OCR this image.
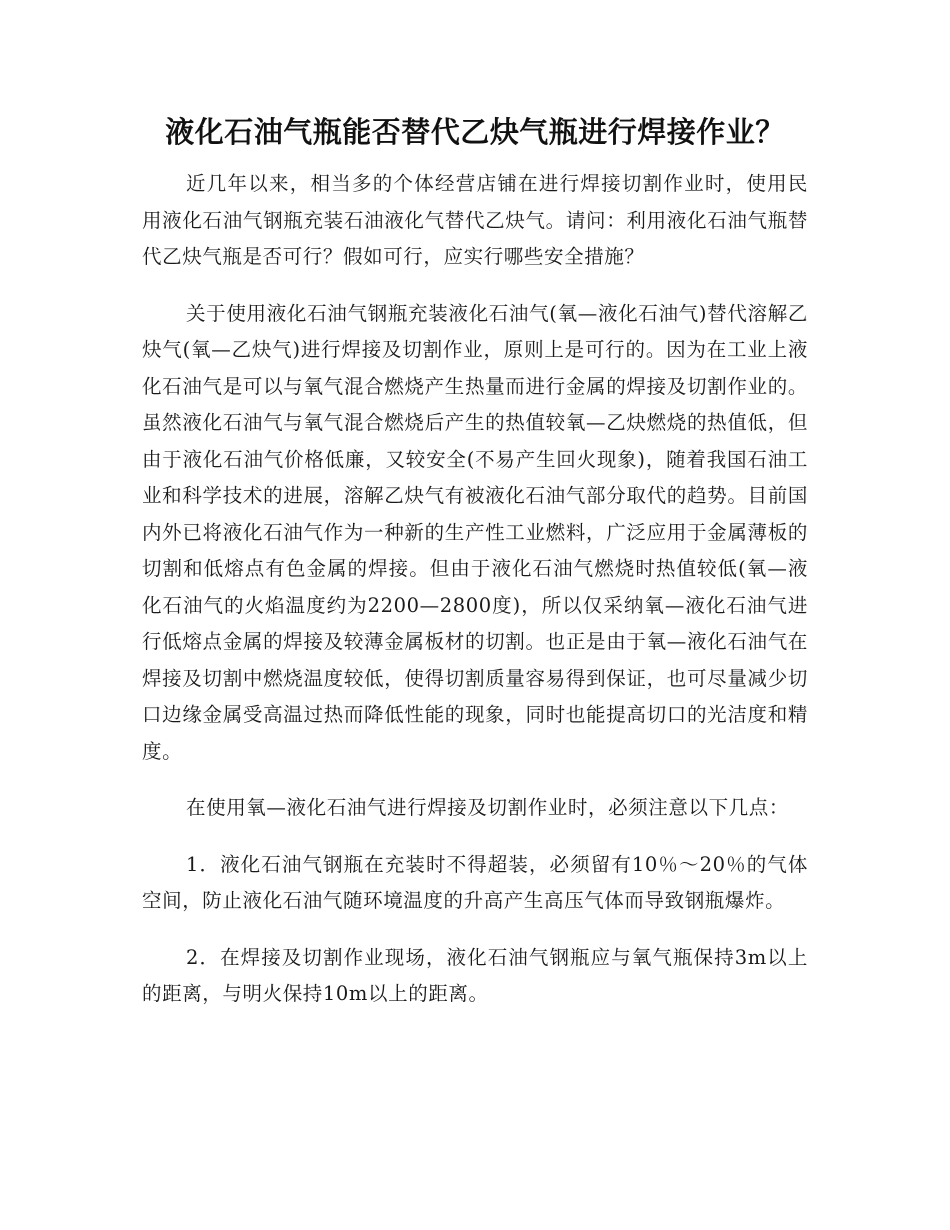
液化石油气瓶能否替代乙炔气瓶进行焊接作业？

近几年以来，相当多的个体经营店铺在进行焊接切割作业时，使用民用液化石油气钢瓶充装石油液化气替代乙炔气。请问：利用液化石油气瓶替代乙炔气瓶是否可行？假如可行，应实行哪些安全措施？

关于使用液化石油气钢瓶充装液化石油气(氧—液化石油气)替代溶解乙炔气(氧—乙炔气)进行焊接及切割作业，原则上是可行的。因为在工业上液化石油气是可以与氧气混合燃烧产生热量而进行金属的焊接及切割作业的。虽然液化石油气与氧气混合燃烧后产生的热值较氧—乙炔燃烧的热值低，但由于液化石油气价格低廉，又较安全(不易产生回火现象)，随着我国石油工业和科学技术的进展，溶解乙炔气有被液化石油气部分取代的趋势。目前国内外已将液化石油气作为一种新的生产性工业燃料，广泛应用于金属薄板的切割和低熔点有色金属的焊接。但由于液化石油气燃烧时热值较低(氧—液化石油气的火焰温度约为2200—2800度)，所以仅采纳氧—液化石油气进行低熔点金属的焊接及较薄金属板材的切割。也正是由于氧—液化石油气在焊接及切割中燃烧温度较低，使得切割质量容易得到保证，也可尽量减少切口边缘金属受高温过热而降低性能的现象，同时也能提高切口的光洁度和精度。

在使用氧—液化石油气进行焊接及切割作业时，必须注意以下几点：

1．液化石油气钢瓶在充装时不得超装，必须留有10％～20％的气体空间，防止液化石油气随环境温度的升高产生高压气体而导致钢瓶爆炸。

2．在焊接及切割作业现场，液化石油气钢瓶应与氧气瓶保持3m以上的距离，与明火保持10m以上的距离。
